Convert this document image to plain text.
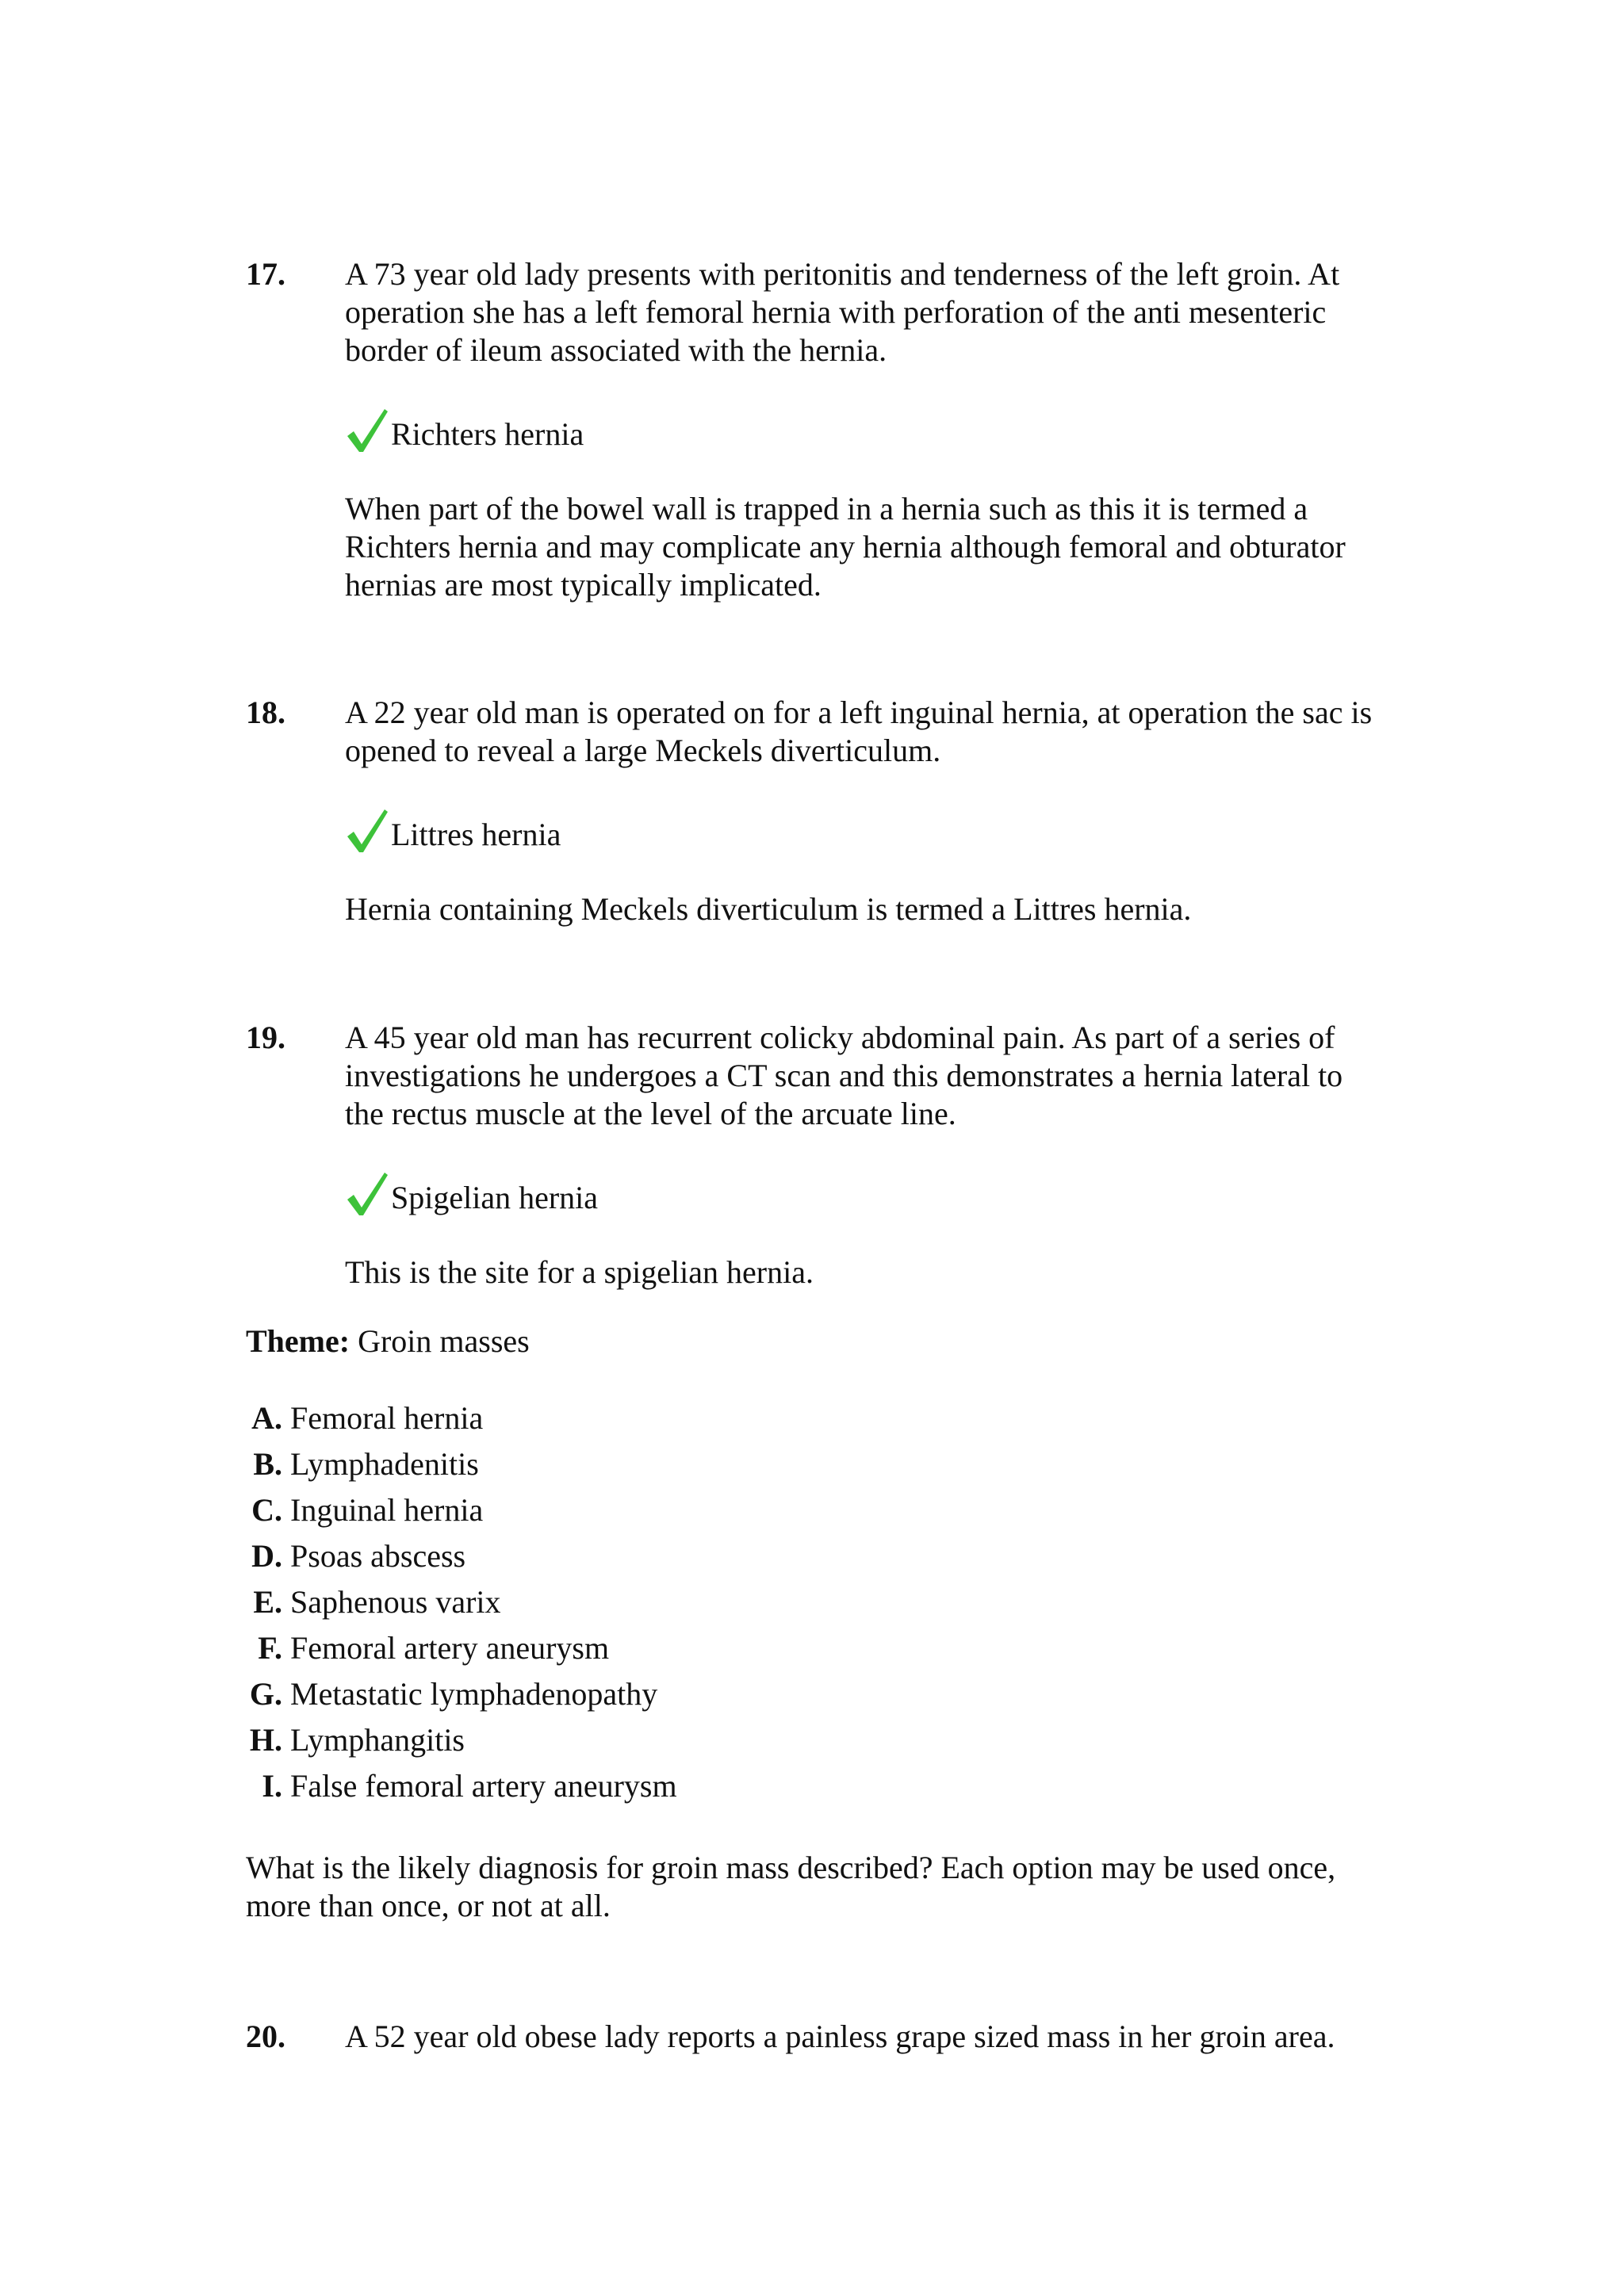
17. A 73 year old lady presents with peritonitis and tenderness of the left groin. At operation she has a left femoral hernia with perforation of the anti mesenteric border of ileum associated with the hernia.

Richters hernia

When part of the bowel wall is trapped in a hernia such as this it is termed a Richters hernia and may complicate any hernia although femoral and obturator hernias are most typically implicated.

18. A 22 year old man is operated on for a left inguinal hernia, at operation the sac is opened to reveal a large Meckels diverticulum.

Littres hernia

Hernia containing Meckels diverticulum is termed a Littres hernia.

19. A 45 year old man has recurrent colicky abdominal pain. As part of a series of investigations he undergoes a CT scan and this demonstrates a hernia lateral to the rectus muscle at the level of the arcuate line.

Spigelian hernia

This is the site for a spigelian hernia.

Theme: Groin masses
A. Femoral hernia
B. Lymphadenitis
C. Inguinal hernia
D. Psoas abscess
E. Saphenous varix
F. Femoral artery aneurysm
G. Metastatic lymphadenopathy
H. Lymphangitis
I. False femoral artery aneurysm

What is the likely diagnosis for groin mass described? Each option may be used once, more than once, or not at all.

20. A 52 year old obese lady reports a painless grape sized mass in her groin area.
